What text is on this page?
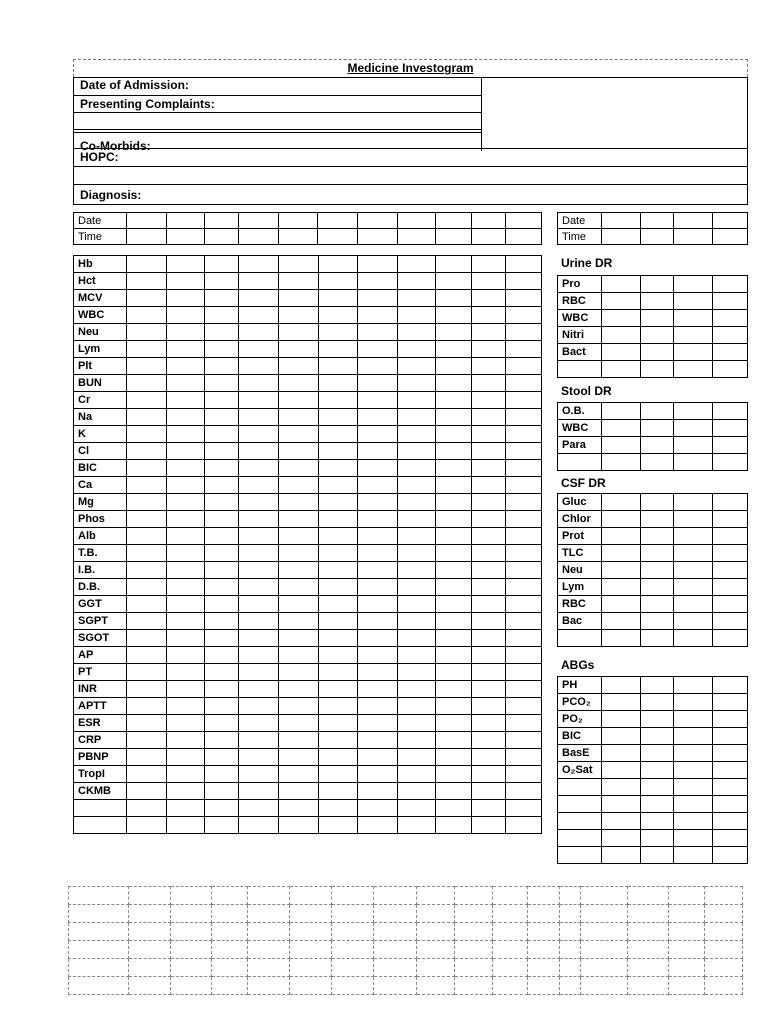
Medicine Investogram
Date of Admission:
Presenting Complaints:
Co-Morbids:
HOPC:
Diagnosis:
Date											
Time											
Hb											
Hct											
MCV											
WBC											
Neu											
Lym											
Plt											
BUN											
Cr											
Na											
K											
Cl											
BIC											
Ca											
Mg											
Phos											
Alb											
T.B.											
I.B.											
D.B.											
GGT											
SGPT											
SGOT											
AP											
PT											
INR											
APTT											
ESR											
CRP											
PBNP											
TropI											
CKMB											

Date				
Time				
Urine DR
Pro				
RBC				
WBC				
Nitri				
Bact				

Stool DR
O.B.				
WBC				
Para				

CSF DR
Gluc				
Chlor				
Prot				
TLC				
Neu				
Lym				
RBC				
Bac				

ABGs
PH				
PCO₂				
PO₂				
BIC				
BasE				
O₂Sat				
